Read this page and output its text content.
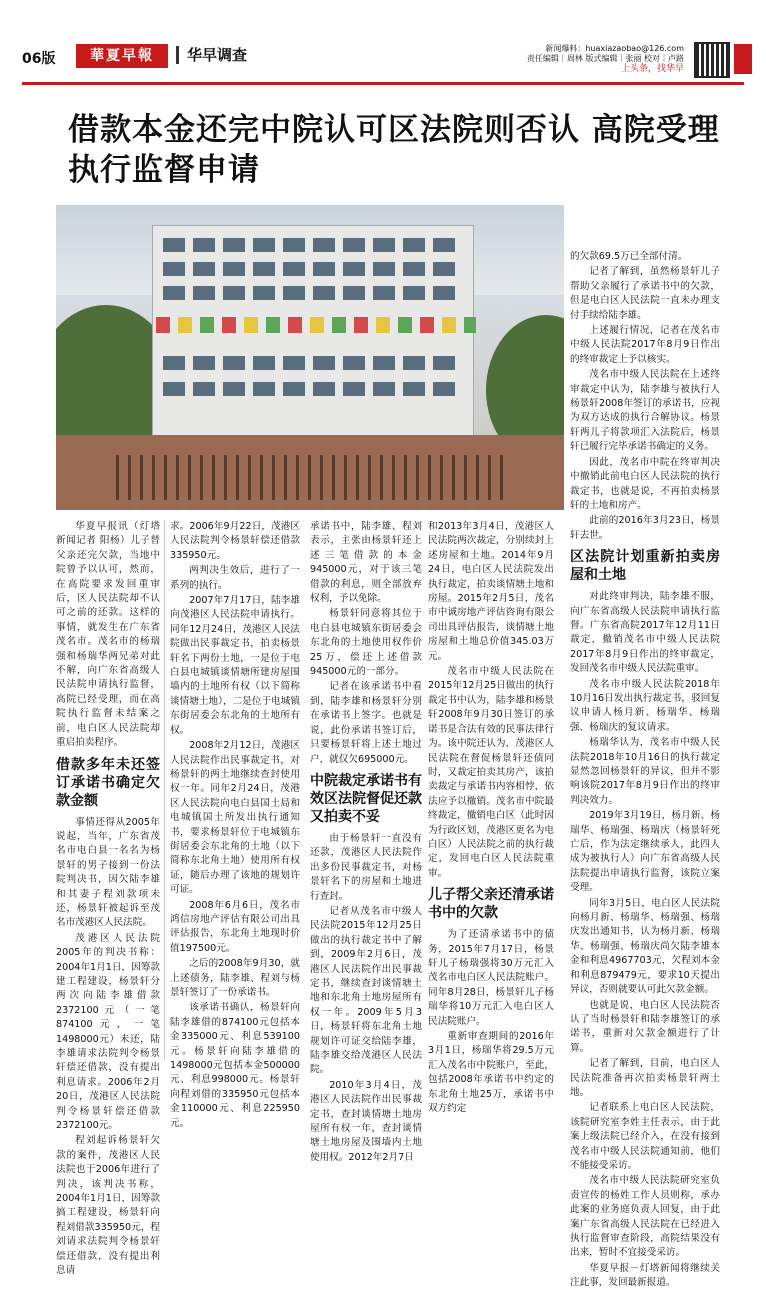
06版	華夏早報	华早调查	新闻爆料：huaxiazaobao@126.com
责任编辑｜周林 版式编辑｜张丽 校对｜卢路
上头条，找华早
借款本金还完中院认可区法院则否认 高院受理执行监督申请

华夏早报讯（灯塔新闻记者 阳杨）儿子替父亲还完欠款，当地中院曾予以认可，然而，在高院要求发回重审后，区人民法院却不认可之前的还款。这样的事情，就发生在广东省茂名市。茂名市的杨瑞强和杨瑞华两兄弟对此不解，向广东省高级人民法院申请执行监督，高院已经受理，而在高院执行监督未结案之前，电白区人民法院却重启拍卖程序。

借款多年未还签订承诺书确定欠款金额

事情还得从2005年说起，当年，广东省茂名市电白县一名名为杨景轩的男子接到一份法院判决书，因欠陆李雄和其妻子程刘款项未还，杨景轩被起诉至茂名市茂港区人民法院。

茂港区人民法院2005年的判决书称：2004年1月1日，因筹款建工程建设，杨景轩分两次向陆李雄借款2372100元（一笔874100元，一笔1498000元）未还，陆李雄请求法院判令杨景轩偿还借款，没有提出利息请求。2006年2月20日，茂港区人民法院判令杨景轩偿还借款2372100元。

程刘起诉杨景轩欠款的案件，茂港区人民法院也于2006年进行了判决，该判决书称，2004年1月1日，因筹款搞工程建设，杨景轩向程刘借款335950元，程刘请求法院判令杨景轩偿还借款，没有提出利息请

求。2006年9月22日，茂港区人民法院判令杨景轩偿还借款335950元。

两判决生效后，进行了一系列的执行。

2007年7月17日，陆李雄向茂港区人民法院申请执行。同年12月24日，茂港区人民法院做出民事裁定书，拍卖杨景轩名下两份土地，一是位于电白县电城镇谈情塘所建房屋围墙内的土地所有权（以下简称谈情塘土地），二是位于电城镇东街居委会东北角的土地所有权。

2008年2月12日，茂港区人民法院作出民事裁定书，对杨景轩的两土地继续查封使用权一年。同年2月24日，茂港区人民法院向电白县国土局和电城镇国土所发出执行通知书，要求杨景轩位于电城镇东街居委会东北角的土地（以下简称东北角土地）使用所有权证，随后办理了该地的规划许可证。

2008年6月6日，茂名市鸿信房地产评估有限公司出具评估报告，东北角土地现时价值197500元。

之后的2008年9月30，就上述债务，陆李雄、程刘与杨景轩签订了一份承诺书。

该承诺书确认，杨景轩向陆李雄借的874100元包括本金335000元、利息539100元。杨景轩向陆李雄借的1498000元包括本金500000元、利息998000元。杨景轩向程刘借的335950元包括本金110000元、利息225950元。

承诺书中，陆李雄、程刘表示，主张由杨景轩还上述三笔借款的本金945000元，对于该三笔借款的利息，则全部放弃权利，予以免除。

杨景轩同意将其位于电白县电城镇东街居委会东北角的土地使用权作价25万，偿还上述借款945000元的一部分。

记者在该承诺书中看到，陆李雄和杨景轩分别在承诺书上签字。也就是说，此份承诺书签订后，只要杨景轩将上述土地过户，就仅欠695000元。

中院裁定承诺书有效区法院督促还款又拍卖不妥

由于杨景轩一直没有还款，茂港区人民法院作出多份民事裁定书，对杨景轩名下的房屋和土地进行查封。

记者从茂名市中级人民法院2015年12月25日做出的执行裁定书中了解到，2009年2月6日，茂港区人民法院作出民事裁定书，继续查封谈情塘土地和东北角土地房屋所有权一年。2009年5月3日，杨景轩将东北角土地规划许可证交给陆李雄，陆李雄交给茂港区人民法院。

2010年3月4日，茂港区人民法院作出民事裁定书，查封谈情塘土地房屋所有权一年，查封谈情塘土地房屋及围墙内土地使用权。2012年2月7日

和2013年3月4日，茂港区人民法院两次裁定，分别续封上述房屋和土地。2014年9月24日，电白区人民法院发出执行裁定，拍卖谈情塘土地和房屋。2015年2月5日，茂名市中诚房地产评估咨询有限公司出具评估报告，谈情塘土地房屋和土地总价值345.03万元。

茂名市中级人民法院在2015年12月25日做出的执行裁定书中认为，陆李雄和杨景轩2008年9月30日签订的承诺书是合法有效的民事法律行为。该中院还认为，茂港区人民法院在督促杨景轩还债同时，又裁定拍卖其房产，该拍卖裁定与承诺书内容相悖，依法应予以撤销。茂名市中院最终裁定，撤销电白区（此时因为行政区划，茂港区更名为电白区）人民法院之前的执行裁定，发回电白区人民法院重审。

儿子帮父亲还清承诺书中的欠款

为了还清承诺书中的债务，2015年7月17日，杨景轩儿子杨瑞强将30万元汇入茂名市电白区人民法院账户。同年8月28日，杨景轩儿子杨瑞华将10万元汇入电白区人民法院账户。

重新审查期间的2016年3月1日，杨瑞华将29.5万元汇入茂名市中院账户，至此，包括2008年承诺书中约定的东北角土地25万，承诺书中双方约定

的欠款69.5万已全部付清。

记者了解到，虽然杨景轩儿子帮助父亲履行了承诺书中的欠款，但是电白区人民法院一直未办理支付手续给陆李雄。

上述履行情况，记者在茂名市中级人民法院2017年8月9日作出的终审裁定上予以核实。

茂名市中级人民法院在上述终审裁定中认为，陆李雄与被执行人杨景轩2008年签订的承诺书，应视为双方达成的执行合解协议。杨景轩两儿子将款项汇入法院后，杨景轩已履行完毕承诺书确定的义务。

因此，茂名市中院在终审判决中撤销此前电白区人民法院的执行裁定书，也就是说，不再拍卖杨景轩的土地和房产。

此前的2016年3月23日，杨景轩去世。

区法院计划重新拍卖房屋和土地

对此终审判决，陆李雄不服，向广东省高级人民法院申请执行监督。广东省高院2017年12月11日裁定，撤销茂名市中级人民法院2017年8月9日作出的终审裁定，发回茂名市中级人民法院重审。

茂名市中级人民法院2018年10月16日发出执行裁定书，驳回复议申请人杨月新、杨瑞华、杨瑞强、杨瑞庆的复议请求。

杨瑞华认为，茂名市中级人民法院2018年10月16日的执行裁定显然忽回杨景轩的异议，但并不影响该院2017年8月9日作出的终审判决效力。

2019年3月19日，杨月新、杨瑞华、杨瑞强、杨瑞庆（杨景轩死亡后，作为法定继续承人，此四人成为被执行人）向广东省高级人民法院提出申请执行监督，该院立案受理。

同年3月5日，电白区人民法院向杨月新、杨瑞华、杨瑞强、杨瑞庆发出通知书，认为杨月新、杨瑞华、杨瑞强、杨瑞庆尚欠陆李雄本金和利息4967703元，欠程刘本金和利息879479元，要求10天提出异议，否则就要认可此欠款金额。

也就是说，电白区人民法院否认了当时杨景轩和陆李雄签订的承诺书，重新对欠款金额进行了计算。

记者了解到，目前，电白区人民法院准备再次拍卖杨景轩两土地。

记者联系上电白区人民法院，该院研究室李姓主任表示，由于此案上级法院已经介入，在没有接到茂名市中级人民法院通知前，他们不能接受采访。

茂名市中级人民法院研究室负责宣传的杨姓工作人员则称，承办此案的业务庭负责人回复，由于此案广东省高级人民法院在已经进入执行监督审查阶段，高院结果没有出来，暂时不宜接受采访。

华夏早报－灯塔新闻将继续关注此事，发回最新报道。
